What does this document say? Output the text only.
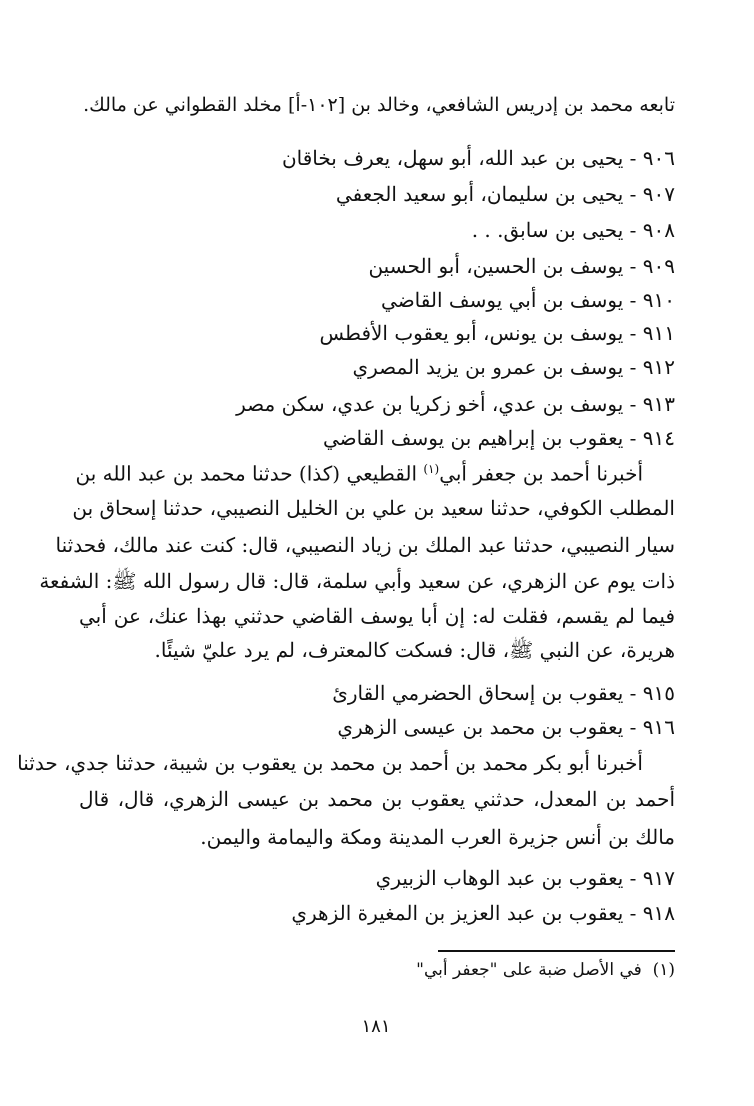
تابعه محمد بن إدريس الشافعي، وخالد بن [١٠٢-أ] مخلد القطواني عن مالك.
٩٠٦ - يحيى بن عبد الله، أبو سهل، يعرف بخاقان
٩٠٧ - يحيى بن سليمان، أبو سعيد الجعفي
٩٠٨ - يحيى بن سابق. . .
٩٠٩ - يوسف بن الحسين، أبو الحسين
٩١٠ - يوسف بن أبي يوسف القاضي
٩١١ - يوسف بن يونس، أبو يعقوب الأفطس
٩١٢ - يوسف بن عمرو بن يزيد المصري
٩١٣ - يوسف بن عدي، أخو زكريا بن عدي، سكن مصر
٩١٤ - يعقوب بن إبراهيم بن يوسف القاضي
أخبرنا أحمد بن جعفر أبي$^{(١)}$ القطيعي (كذا) حدثنا محمد بن عبد الله بن
المطلب الكوفي، حدثنا سعيد بن علي بن الخليل النصيبي، حدثنا إسحاق بن
سيار النصيبي، حدثنا عبد الملك بن زياد النصيبي، قال: كنت عند مالك، فحدثنا
ذات يوم عن الزهري، عن سعيد وأبي سلمة، قال: قال رسول الله ﷺ: الشفعة
فيما لم يقسم، فقلت له: إن أبا يوسف القاضي حدثني بهذا عنك، عن أبي
هريرة، عن النبي ﷺ، قال: فسكت كالمعترف، لم يرد عليّ شيئًا.
٩١٥ - يعقوب بن إسحاق الحضرمي القارئ
٩١٦ - يعقوب بن محمد بن عيسى الزهري
أخبرنا أبو بكر محمد بن أحمد بن محمد بن يعقوب بن شيبة، حدثنا جدي، حدثنا
أحمد بن المعدل، حدثني يعقوب بن محمد بن عيسى الزهري، قال، قال
مالك بن أنس جزيرة العرب المدينة ومكة واليمامة واليمن.
٩١٧ - يعقوب بن عبد الوهاب الزبيري
٩١٨ - يعقوب بن عبد العزيز بن المغيرة الزهري
(١)  في الأصل ضبة على "جعفر أبي"
١٨١
